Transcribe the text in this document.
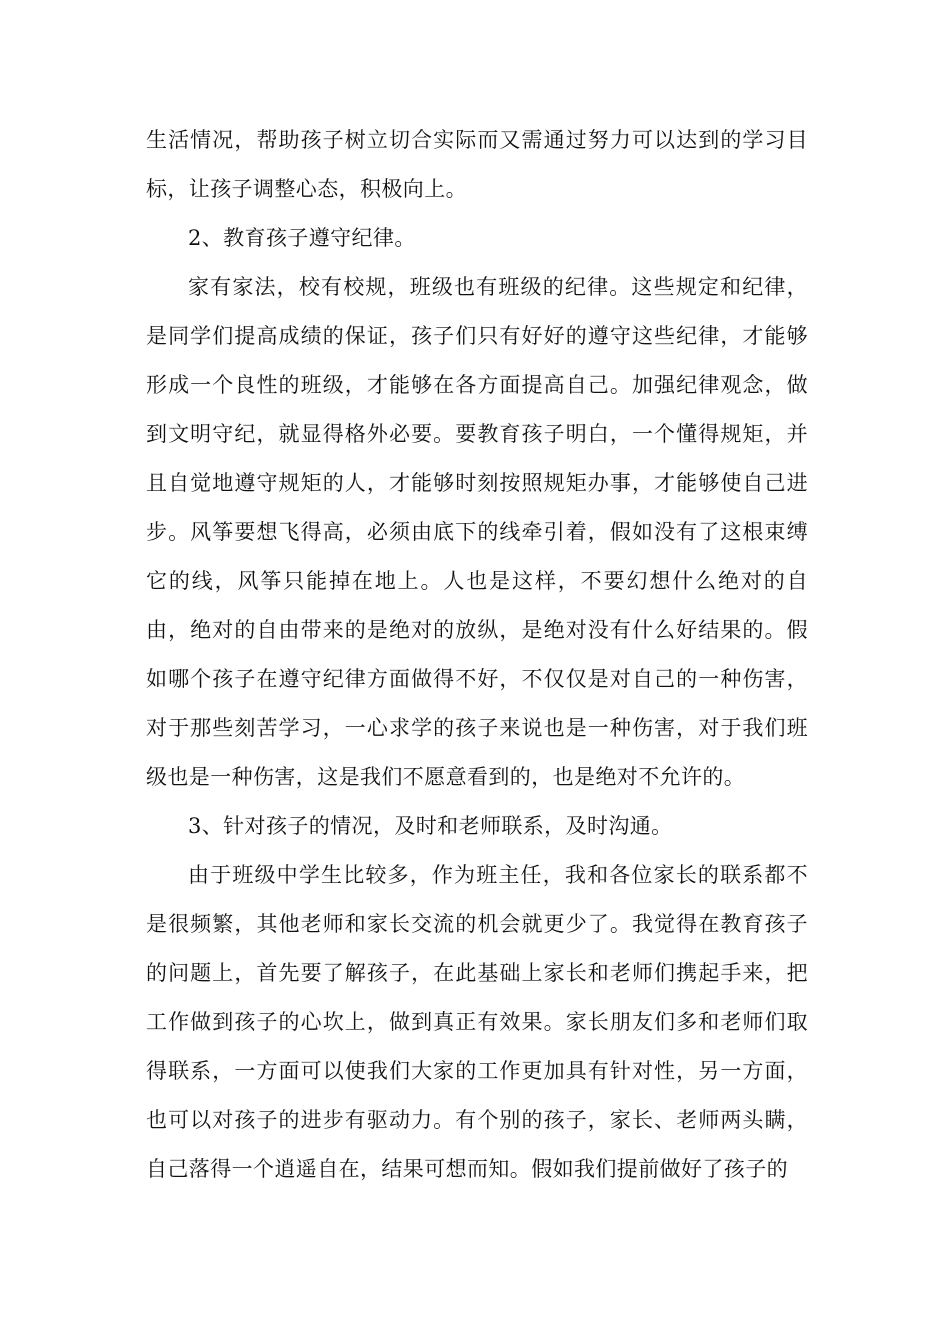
生活情况，帮助孩子树立切合实际而又需通过努力可以达到的学习目标，让孩子调整心态，积极向上。

2、教育孩子遵守纪律。

家有家法，校有校规，班级也有班级的纪律。这些规定和纪律，是同学们提高成绩的保证，孩子们只有好好的遵守这些纪律，才能够形成一个良性的班级，才能够在各方面提高自己。加强纪律观念，做到文明守纪，就显得格外必要。要教育孩子明白，一个懂得规矩，并且自觉地遵守规矩的人，才能够时刻按照规矩办事，才能够使自己进步。风筝要想飞得高，必须由底下的线牵引着，假如没有了这根束缚它的线，风筝只能掉在地上。人也是这样，不要幻想什么绝对的自由，绝对的自由带来的是绝对的放纵，是绝对没有什么好结果的。假如哪个孩子在遵守纪律方面做得不好，不仅仅是对自己的一种伤害，对于那些刻苦学习，一心求学的孩子来说也是一种伤害，对于我们班级也是一种伤害，这是我们不愿意看到的，也是绝对不允许的。

3、针对孩子的情况，及时和老师联系，及时沟通。

由于班级中学生比较多，作为班主任，我和各位家长的联系都不是很频繁，其他老师和家长交流的机会就更少了。我觉得在教育孩子的问题上，首先要了解孩子，在此基础上家长和老师们携起手来，把工作做到孩子的心坎上，做到真正有效果。家长朋友们多和老师们取得联系，一方面可以使我们大家的工作更加具有针对性，另一方面，也可以对孩子的进步有驱动力。有个别的孩子，家长、老师两头瞒，自己落得一个逍遥自在，结果可想而知。假如我们提前做好了孩子的
